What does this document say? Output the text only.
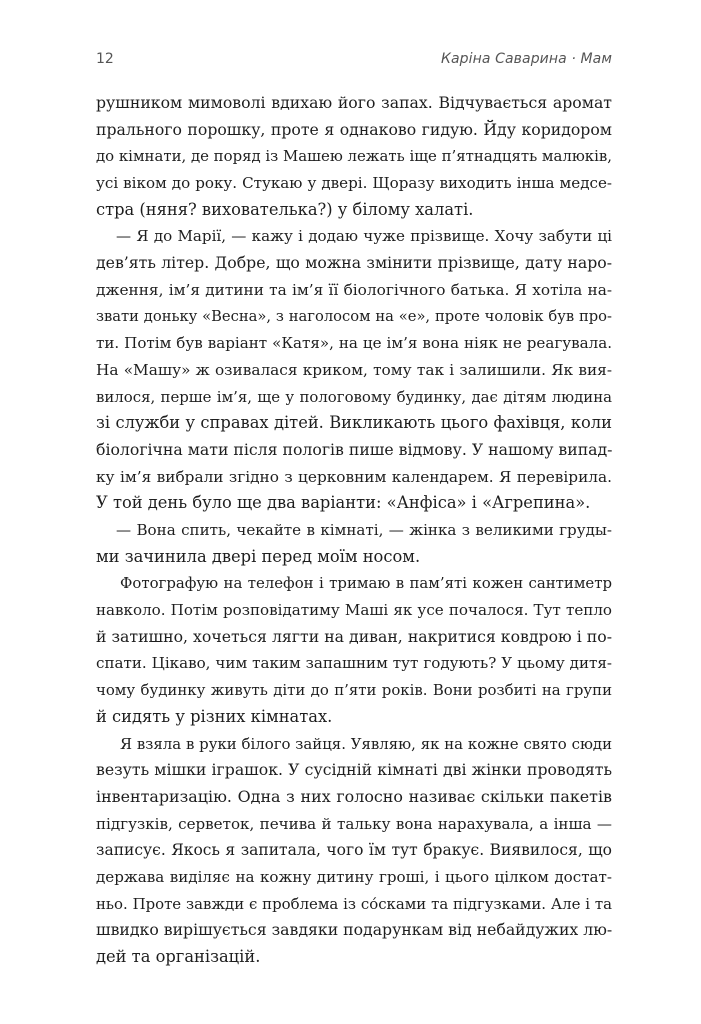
12	Каріна Саварина · Мам
рушником мимоволі вдихаю його запах. Відчувається аромат
прального порошку, проте я однаково гидую. Йду коридором
до кімнати, де поряд із Машею лежать іще п’ятнадцять малюків,
усі віком до року. Стукаю у двері. Щоразу виходить інша медсе-
стра (няня? вихователька?) у білому халаті.
— Я до Марії, — кажу і додаю чуже прізвище. Хочу забути ці
дев’ять літер. Добре, що можна змінити прізвище, дату наро-
дження, ім’я дитини та ім’я її біологічного батька. Я хотіла на-
звати доньку «Весна», з наголосом на «е», проте чоловік був про-
ти. Потім був варіант «Катя», на це ім’я вона ніяк не реагувала.
На «Машу» ж озивалася криком, тому так і залишили. Як вия-
вилося, перше ім’я, ще у пологовому будинку, дає дітям людина
зі служби у справах дітей. Викликають цього фахівця, коли
біологічна мати після пологів пише відмову. У нашому випад-
ку ім’я вибрали згідно з церковним календарем. Я перевірила.
У той день було ще два варіанти: «Анфіса» і «Агрепина».
— Вона спить, чекайте в кімнаті, — жінка з великими груды-
ми зачинила двері перед моїм носом.
Фотографую на телефон і тримаю в пам’яті кожен сантиметр
навколо. Потім розповідатиму Маші як усе почалося. Тут тепло
й затишно, хочеться лягти на диван, накритися ковдрою і по-
спати. Цікаво, чим таким запашним тут годують? У цьому дитя-
чому будинку живуть діти до п’яти років. Вони розбиті на групи
й сидять у різних кімнатах.
Я взяла в руки білого зайця. Уявляю, як на кожне свято сюди
везуть мішки іграшок. У сусідній кімнаті дві жінки проводять
інвентаризацію. Одна з них голосно називає скільки пакетів
підгузків, серветок, печива й тальку вона нарахувала, а інша —
записує. Якось я запитала, чого їм тут бракує. Виявилося, що
держава виділяє на кожну дитину гроші, і цього цілком достат-
ньо. Проте завжди є проблема із со́сками та підгузками. Але і та
швидко вирішується завдяки подарункам від небайдужих лю-
дей та організацій.
